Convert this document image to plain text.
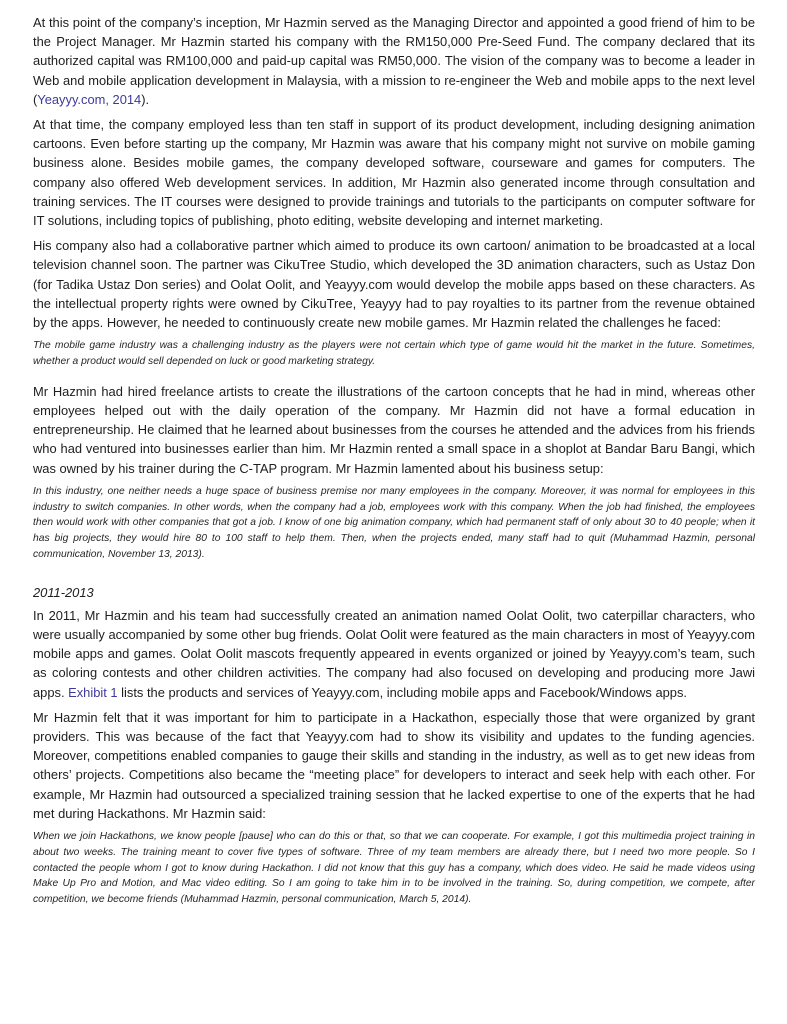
At this point of the company’s inception, Mr Hazmin served as the Managing Director and appointed a good friend of him to be the Project Manager. Mr Hazmin started his company with the RM150,000 Pre-Seed Fund. The company declared that its authorized capital was RM100,000 and paid-up capital was RM50,000. The vision of the company was to become a leader in Web and mobile application development in Malaysia, with a mission to re-engineer the Web and mobile apps to the next level (Yeayyy.com, 2014).

At that time, the company employed less than ten staff in support of its product development, including designing animation cartoons. Even before starting up the company, Mr Hazmin was aware that his company might not survive on mobile gaming business alone. Besides mobile games, the company developed software, courseware and games for computers. The company also offered Web development services. In addition, Mr Hazmin also generated income through consultation and training services. The IT courses were designed to provide trainings and tutorials to the participants on computer software for IT solutions, including topics of publishing, photo editing, website developing and internet marketing.

His company also had a collaborative partner which aimed to produce its own cartoon/ animation to be broadcasted at a local television channel soon. The partner was CikuTree Studio, which developed the 3D animation characters, such as Ustaz Don (for Tadika Ustaz Don series) and Oolat Oolit, and Yeayyy.com would develop the mobile apps based on these characters. As the intellectual property rights were owned by CikuTree, Yeayyy had to pay royalties to its partner from the revenue obtained by the apps. However, he needed to continuously create new mobile games. Mr Hazmin related the challenges he faced:

The mobile game industry was a challenging industry as the players were not certain which type of game would hit the market in the future. Sometimes, whether a product would sell depended on luck or good marketing strategy.

Mr Hazmin had hired freelance artists to create the illustrations of the cartoon concepts that he had in mind, whereas other employees helped out with the daily operation of the company. Mr Hazmin did not have a formal education in entrepreneurship. He claimed that he learned about businesses from the courses he attended and the advices from his friends who had ventured into businesses earlier than him. Mr Hazmin rented a small space in a shoplot at Bandar Baru Bangi, which was owned by his trainer during the C-TAP program. Mr Hazmin lamented about his business setup:

In this industry, one neither needs a huge space of business premise nor many employees in the company. Moreover, it was normal for employees in this industry to switch companies. In other words, when the company had a job, employees work with this company. When the job had finished, the employees then would work with other companies that got a job. I know of one big animation company, which had permanent staff of only about 30 to 40 people; when it has big projects, they would hire 80 to 100 staff to help them. Then, when the projects ended, many staff had to quit (Muhammad Hazmin, personal communication, November 13, 2013).

2011-2013

In 2011, Mr Hazmin and his team had successfully created an animation named Oolat Oolit, two caterpillar characters, who were usually accompanied by some other bug friends. Oolat Oolit were featured as the main characters in most of Yeayyy.com mobile apps and games. Oolat Oolit mascots frequently appeared in events organized or joined by Yeayyy.com’s team, such as coloring contests and other children activities. The company had also focused on developing and producing more Jawi apps. Exhibit 1 lists the products and services of Yeayyy.com, including mobile apps and Facebook/Windows apps.

Mr Hazmin felt that it was important for him to participate in a Hackathon, especially those that were organized by grant providers. This was because of the fact that Yeayyy.com had to show its visibility and updates to the funding agencies. Moreover, competitions enabled companies to gauge their skills and standing in the industry, as well as to get new ideas from others’ projects. Competitions also became the “meeting place” for developers to interact and seek help with each other. For example, Mr Hazmin had outsourced a specialized training session that he lacked expertise to one of the experts that he had met during Hackathons. Mr Hazmin said:

When we join Hackathons, we know people [pause] who can do this or that, so that we can cooperate. For example, I got this multimedia project training in about two weeks. The training meant to cover five types of software. Three of my team members are already there, but I need two more people. So I contacted the people whom I got to know during Hackathon. I did not know that this guy has a company, which does video. He said he made videos using Make Up Pro and Motion, and Mac video editing. So I am going to take him in to be involved in the training. So, during competition, we compete, after competition, we become friends (Muhammad Hazmin, personal communication, March 5, 2014).
